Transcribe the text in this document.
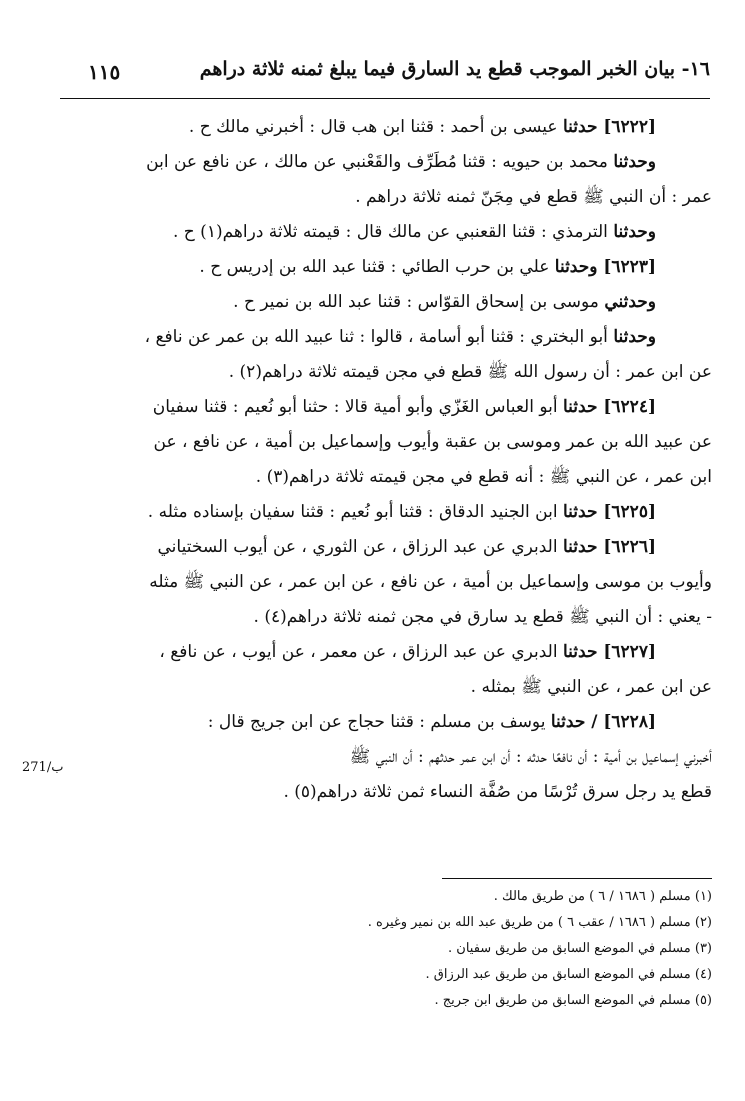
١٦- بيان الخبر الموجب قطع يد السارق فيما يبلغ ثمنه ثلاثة دراهم
١١٥
271/ب

[٦٢٢٢] حدثنا عيسى بن أحمد : قثنا ابن هب قال : أخبرني مالك ح .

وحدثنا محمد بن حيويه : قثنا مُطَرِّف والقَعْنبي عن مالك ، عن نافع عن ابن
عمر : أن النبي ﷺ قطع في مِجَنّ ثمنه ثلاثة دراهم .

وحدثنا الترمذي : قثنا القعنبي عن مالك قال : قيمته ثلاثة دراهم(١) ح .

[٦٢٢٣] وحدثنا علي بن حرب الطائي : قثنا عبد الله بن إدريس ح .

وحدثني موسى بن إسحاق القوّاس : قثنا عبد الله بن نمير ح .

وحدثنا أبو البختري : قثنا أبو أسامة ، قالوا : ثنا عبيد الله بن عمر عن نافع ،
عن ابن عمر : أن رسول الله ﷺ قطع في مجن قيمته ثلاثة دراهم(٢) .

[٦٢٢٤] حدثنا أبو العباس الغَزّي وأبو أمية قالا : حثنا أبو نُعيم : قثنا سفيان
عن عبيد الله بن عمر وموسى بن عقبة وأيوب وإسماعيل بن أمية ، عن نافع ، عن
ابن عمر ، عن النبي ﷺ : أنه قطع في مجن قيمته ثلاثة دراهم(٣) .

[٦٢٢٥] حدثنا ابن الجنيد الدقاق : قثنا أبو نُعيم : قثنا سفيان بإسناده مثله .

[٦٢٢٦] حدثنا الدبري عن عبد الرزاق ، عن الثوري ، عن أيوب السختياني
وأيوب بن موسى وإسماعيل بن أمية ، عن نافع ، عن ابن عمر ، عن النبي ﷺ مثله
- يعني : أن النبي ﷺ قطع يد سارق في مجن ثمنه ثلاثة دراهم(٤) .

[٦٢٢٧] حدثنا الدبري عن عبد الرزاق ، عن معمر ، عن أيوب ، عن نافع ،
عن ابن عمر ، عن النبي ﷺ بمثله .

[٦٢٢٨] / حدثنا يوسف بن مسلم : قثنا حجاج عن ابن جريج قال :
أخبرني إسماعيل بن أمية : أن نافعًا حدثه : أن ابن عمر حدثهم : أن النبي ﷺ
قطع يد رجل سرق تُرْسًا من صُفَّة النساء ثمن ثلاثة دراهم(٥) .

(١) مسلم ( ١٦٨٦ / ٦ ) من طريق مالك .
(٢) مسلم ( ١٦٨٦ / عقب ٦ ) من طريق عبد الله بن نمير وغيره .
(٣) مسلم في الموضع السابق من طريق سفيان .
(٤) مسلم في الموضع السابق من طريق عبد الرزاق .
(٥) مسلم في الموضع السابق من طريق ابن جريج .
